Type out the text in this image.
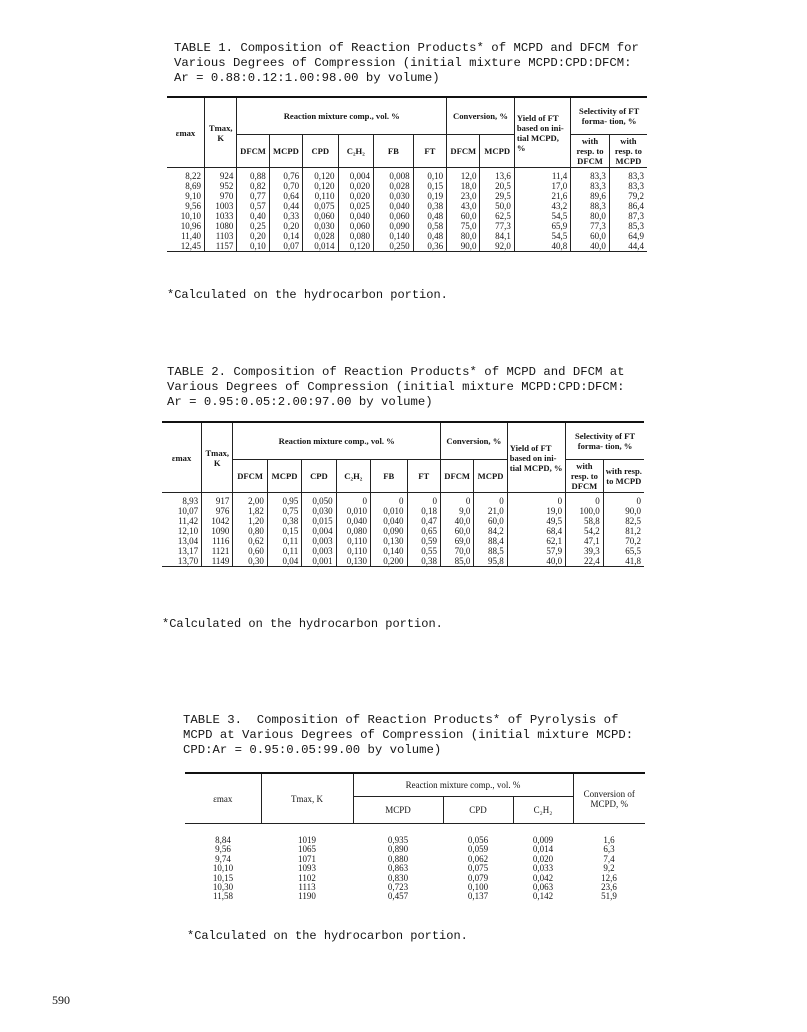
TABLE 1. Composition of Reaction Products* of MCPD and DFCM for
Various Degrees of Compression (initial mixture MCPD:CPD:DFCM:
Ar = 0.88:0.12:1.00:98.00 by volume)
εmax	Tmax, K	Reaction mixture comp., vol. %						Conversion, %		Yield of FT based on ini- tial MCPD, %	Selectivity of FT forma- tion, %	
											with resp. to DFCM	with resp. to MCPD
		DFCM	MCPD	CPD	C₂H₂	FB	FT	DFCM	MCPD			
8,22	924	0,88	0,76	0,120	0,004	0,008	0,10	12,0	13,6	11,4	83,3	83,3
8,69	952	0,82	0,70	0,120	0,020	0,028	0,15	18,0	20,5	17,0	83,3	83,3
9,10	970	0,77	0,64	0,110	0,020	0,030	0,19	23,0	29,5	21,6	89,6	79,2
9,56	1003	0,57	0,44	0,075	0,025	0,040	0,38	43,0	50,0	43,2	88,3	86,4
10,10	1033	0,40	0,33	0,060	0,040	0,060	0,48	60,0	62,5	54,5	80,0	87,3
10,96	1080	0,25	0,20	0,030	0,060	0,090	0,58	75,0	77,3	65,9	77,3	85,3
11,40	1103	0,20	0,14	0,028	0,080	0,140	0,48	80,0	84,1	54,5	60,0	64,9
12,45	1157	0,10	0,07	0,014	0,120	0,250	0,36	90,0	92,0	40,8	40,0	44,4

*Calculated on the hydrocarbon portion.

TABLE 2. Composition of Reaction Products* of MCPD and DFCM at
Various Degrees of Compression (initial mixture MCPD:CPD:DFCM:
Ar = 0.95:0.05:2.00:97.00 by volume)
εmax	Tmax, K	Reaction mixture comp., vol. %						Conversion, %		Yield of FT based on ini- tial MCPD, %	Selectivity of FT forma- tion, %	
											with resp. to DFCM	with resp. to MCPD
		DFCM	MCPD	CPD	C₂H₂	FB	FT	DFCM	MCPD			
8,93	917	2,00	0,95	0,050	0	0	0	0	0	0	0	0
10,07	976	1,82	0,75	0,030	0,010	0,010	0,18	9,0	21,0	19,0	100,0	90,0
11,42	1042	1,20	0,38	0,015	0,040	0,040	0,47	40,0	60,0	49,5	58,8	82,5
12,10	1090	0,80	0,15	0,004	0,080	0,090	0,65	60,0	84,2	68,4	54,2	81,2
13,04	1116	0,62	0,11	0,003	0,110	0,130	0,59	69,0	88,4	62,1	47,1	70,2
13,17	1121	0,60	0,11	0,003	0,110	0,140	0,55	70,0	88,5	57,9	39,3	65,5
13,70	1149	0,30	0,04	0,001	0,130	0,200	0,38	85,0	95,8	40,0	22,4	41,8

*Calculated on the hydrocarbon portion.

TABLE 3.  Composition of Reaction Products* of Pyrolysis of
MCPD at Various Degrees of Compression (initial mixture MCPD:
CPD:Ar = 0.95:0.05:99.00 by volume)
εmax	Tmax, K	Reaction mixture comp., vol. %			Conversion of MCPD, %
		MCPD	CPD	C₂H₂	

8,84	1019	0,935	0,056	0,009	1,6
9,56	1065	0,890	0,059	0,014	6,3
9,74	1071	0,880	0,062	0,020	7,4
10,10	1093	0,863	0,075	0,033	9,2
10,15	1102	0,830	0,079	0,042	12,6
10,30	1113	0,723	0,100	0,063	23,6
11,58	1190	0,457	0,137	0,142	51,9

*Calculated on the hydrocarbon portion.

590
